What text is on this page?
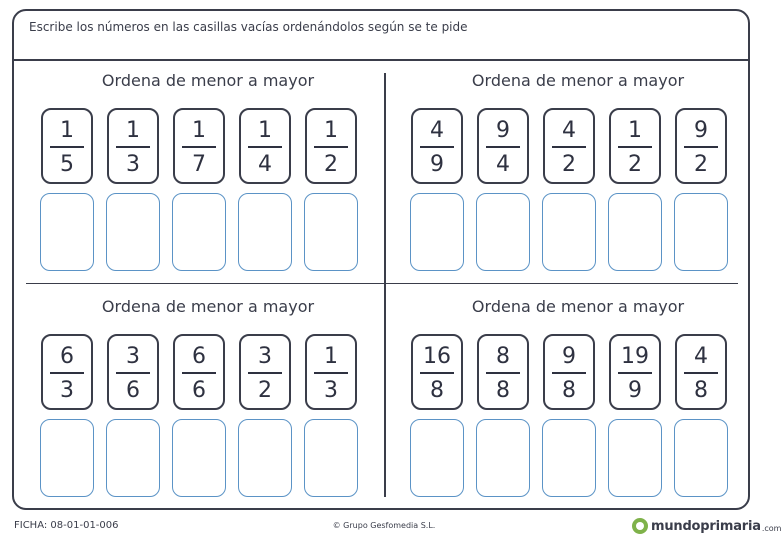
Escribe los números en las casillas vacías ordenándolos según se te pide
Ordena de menor a mayor
1
5
1
3
1
7
1
4
1
2
Ordena de menor a mayor
4
9
9
4
4
2
1
2
9
2
Ordena de menor a mayor
6
3
3
6
6
6
3
2
1
3
Ordena de menor a mayor
16
8
8
8
9
8
19
9
4
8
FICHA: 08-01-01-006	© Grupo Gesfomedia S.L.	mundoprimaria .com
